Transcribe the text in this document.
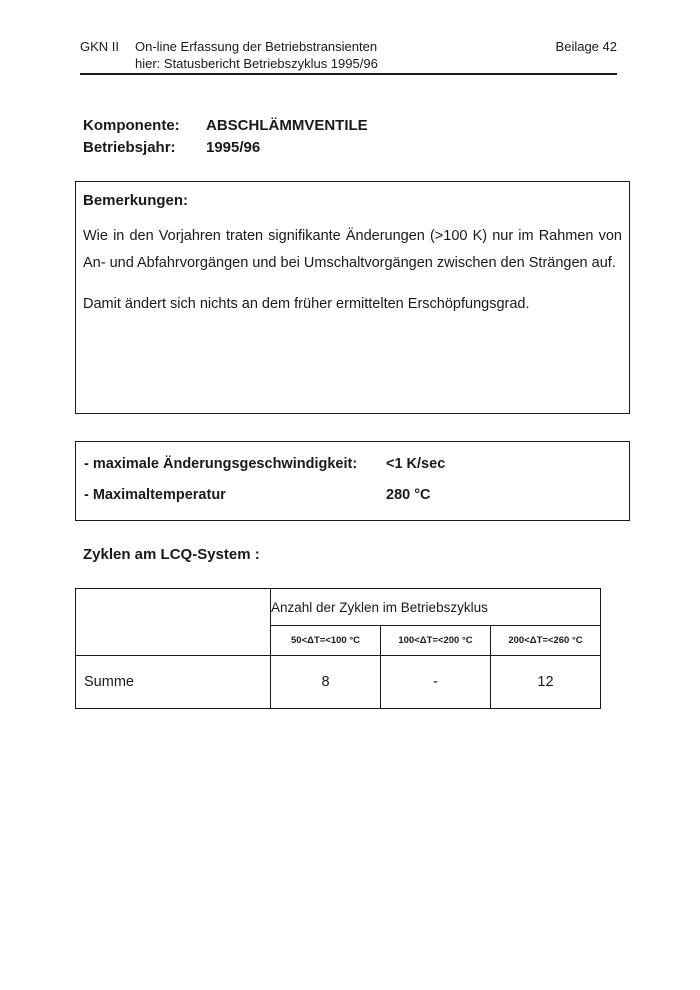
GKN II	On-line Erfassung der Betriebstransienten
hier: Statusbericht Betriebszyklus 1995/96
Beilage 42
Komponente:	ABSCHLÄMMVENTILE
Betriebsjahr:	1995/96
Bemerkungen:

Wie in den Vorjahren traten signifikante Änderungen (>100 K) nur im Rahmen von An- und Abfahrvorgängen und bei Umschaltvorgängen zwischen den Strängen auf.

Damit ändert sich nichts an dem früher ermittelten Erschöpfungsgrad.

- maximale Änderungsgeschwindigkeit:	<1 K/sec
- Maximaltemperatur	280 °C
Zyklen am LCQ-System :
	Anzahl der Zyklen im Betriebszyklus		
	50<ΔT=<100 °C	100<ΔT=<200 °C	200<ΔT=<260 °C
Summe	8	-	12
